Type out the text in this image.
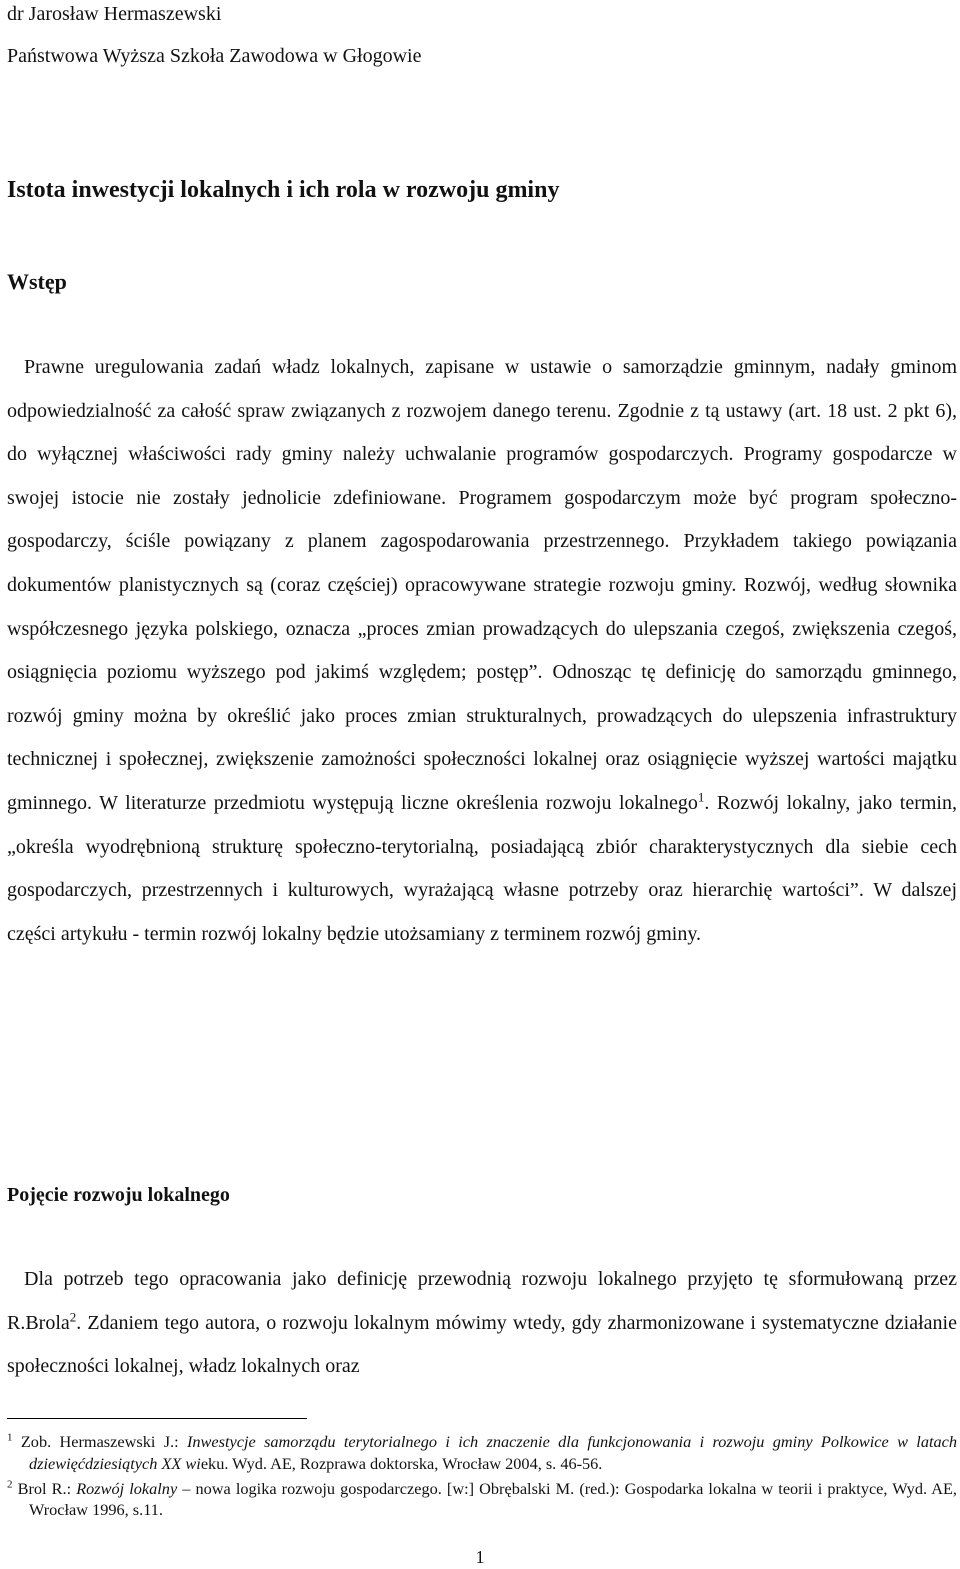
dr Jarosław Hermaszewski
Państwowa Wyższa Szkoła Zawodowa w Głogowie
Istota inwestycji lokalnych i ich rola w rozwoju gminy
Wstęp

Prawne uregulowania zadań władz lokalnych, zapisane w ustawie o samorządzie gminnym, nadały gminom odpowiedzialność za całość spraw związanych z rozwojem danego terenu. Zgodnie z tą ustawy (art. 18 ust. 2 pkt 6), do wyłącznej właściwości rady gminy należy uchwalanie programów gospodarczych. Programy gospodarcze w swojej istocie nie zostały jednolicie zdefiniowane. Programem gospodarczym może być program społeczno-gospodarczy, ściśle powiązany z planem zagospodarowania przestrzennego. Przykładem takiego powiązania dokumentów planistycznych są (coraz częściej) opracowywane strategie rozwoju gminy. Rozwój, według słownika współczesnego języka polskiego, oznacza „proces zmian prowadzących do ulepszania czegoś, zwiększenia czegoś, osiągnięcia poziomu wyższego pod jakimś względem; postęp”. Odnosząc tę definicję do samorządu gminnego, rozwój gminy można by określić jako proces zmian strukturalnych, prowadzących do ulepszenia infrastruktury technicznej i społecznej, zwiększenie zamożności społeczności lokalnej oraz osiągnięcie wyższej wartości majątku gminnego. W literaturze przedmiotu występują liczne określenia rozwoju lokalnego$^1$. Rozwój lokalny, jako termin, „określa wyodrębnioną strukturę społeczno-terytorialną, posiadającą zbiór charakterystycznych dla siebie cech gospodarczych, przestrzennych i kulturowych, wyrażającą własne potrzeby oraz hierarchię wartości”. W dalszej części artykułu - termin rozwój lokalny będzie utożsamiany z terminem rozwój gminy.

Pojęcie rozwoju lokalnego

Dla potrzeb tego opracowania jako definicję przewodnią rozwoju lokalnego przyjęto tę sformułowaną przez R.Brola$^2$. Zdaniem tego autora, o rozwoju lokalnym mówimy wtedy, gdy zharmonizowane i systematyczne działanie społeczności lokalnej, władz lokalnych oraz

$^1$ Zob. Hermaszewski J.: Inwestycje samorządu terytorialnego i ich znaczenie dla funkcjonowania i rozwoju gminy Polkowice w latach dziewięćdziesiątych XX wieku. Wyd. AE, Rozprawa doktorska, Wrocław 2004, s. 46-56.

$^2$ Brol R.: Rozwój lokalny – nowa logika rozwoju gospodarczego. [w:] Obrębalski M. (red.): Gospodarka lokalna w teorii i praktyce, Wyd. AE, Wrocław 1996, s.11.

1
